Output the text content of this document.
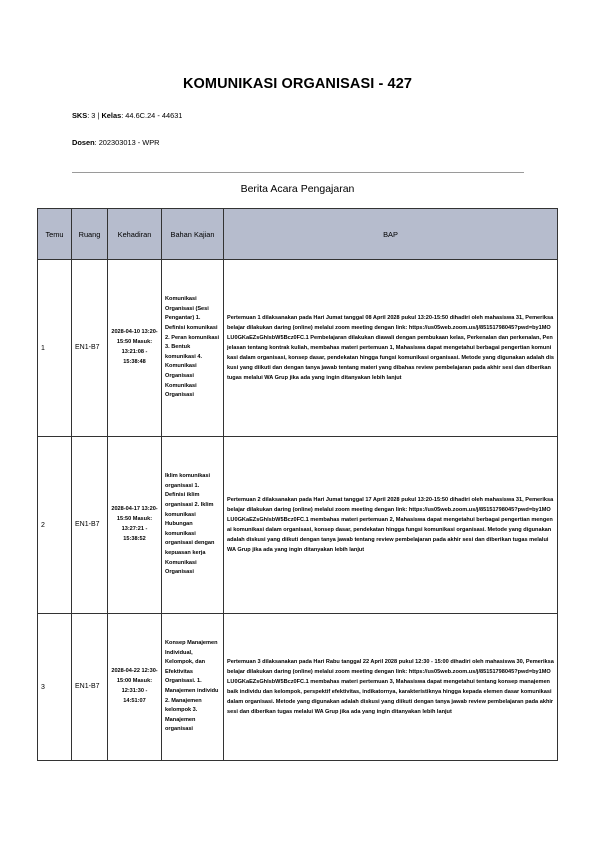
KOMUNIKASI ORGANISASI - 427
SKS: 3 | Kelas: 44.6C.24 - 44631
Dosen: 202303013 - WPR
Berita Acara Pengajaran
Temu	Ruang	Kehadiran	Bahan Kajian	BAP
1	EN1-B7	2028-04-10 13:20-15:50 Masuk: 13:21:08 - 15:38:48	Komunikasi Organisasi (Sesi Pengantar) 1. Definisi komunikasi 2. Peran komunikasi 3. Bentuk komunikasi 4. Komunikasi Organisasi Komunikasi Organisasi	Pertemuan 1 dilaksanakan pada Hari Jumat tanggal 08 April 2028 pukul 13:20-15:50 dihadiri oleh mahasiswa 31, Pemeriksa belajar dilakukan daring (online) melalui zoom meeting dengan link: https://us05web.zoom.us/j/85151798045?pwd=by1MOLU0GKaEZsGhlsbW5Bcz0FC.1 Pembelajaran dilakukan diawali dengan pembukaan kelas, Perkenalan dan perkenalan, Penjelasan tentang kontrak kuliah, membahas materi pertemuan 1, Mahasiswa dapat mengetahui berbagai pengertian komunikasi dalam organisasi, konsep dasar, pendekatan hingga fungsi komunikasi organisasi. Metode yang digunakan adalah diskusi yang diikuti dan dengan tanya jawab tentang materi yang dibahas review pembelajaran pada akhir sesi dan diberikan tugas melalui WA Grup jika ada yang ingin ditanyakan lebih lanjut
2	EN1-B7	2028-04-17 13:20-15:50 Masuk: 13:27:21 - 15:38:52	Iklim komunikasi organisasi 1. Definisi iklim organisasi 2. Iklim komunikasi Hubungan komunikasi organisasi dengan kepuasan kerja Komunikasi Organisasi	Pertemuan 2 dilaksanakan pada Hari Jumat tanggal 17 April 2028 pukul 13:20-15:50 dihadiri oleh mahasiswa 31, Pemeriksa belajar dilakukan daring (online) melalui zoom meeting dengan link: https://us05web.zoom.us/j/85151798045?pwd=by1MOLU0GKaEZsGhlsbW5Bcz0FC.1 membahas materi pertemuan 2, Mahasiswa dapat mengetahui berbagai pengertian mengenai komunikasi dalam organisasi, konsep dasar, pendekatan hingga fungsi komunikasi organisasi. Metode yang digunakan adalah diskusi yang diikuti dengan tanya jawab tentang review pembelajaran pada akhir sesi dan diberikan tugas melalui WA Grup jika ada yang ingin ditanyakan lebih lanjut
3	EN1-B7	2028-04-22 12:30-15:00 Masuk: 12:31:30 - 14:51:07	Konsep Manajemen Individual, Kelompok, dan Efektivitas Organisasi. 1. Manajemen individu 2. Manajemen kelompok 3. Manajemen organisasi	Pertemuan 3 dilaksanakan pada Hari Rabu tanggal 22 April 2028 pukul 12:30 - 15:00 dihadiri oleh mahasiswa 30, Pemeriksa belajar dilakukan daring (online) melalui zoom meeting dengan link: https://us05web.zoom.us/j/85151798045?pwd=by1MOLU0GKaEZsGhlsbW5Bcz0FC.1 membahas materi pertemuan 3, Mahasiswa dapat mengetahui tentang konsep manajemen baik individu dan kelompok, perspektif efektivitas, indikatornya, karakteristiknya hingga kepada elemen dasar komunikasi dalam organisasi. Metode yang digunakan adalah diskusi yang diikuti dengan tanya jawab review pembelajaran pada akhir sesi dan diberikan tugas melalui WA Grup jika ada yang ingin ditanyakan lebih lanjut
